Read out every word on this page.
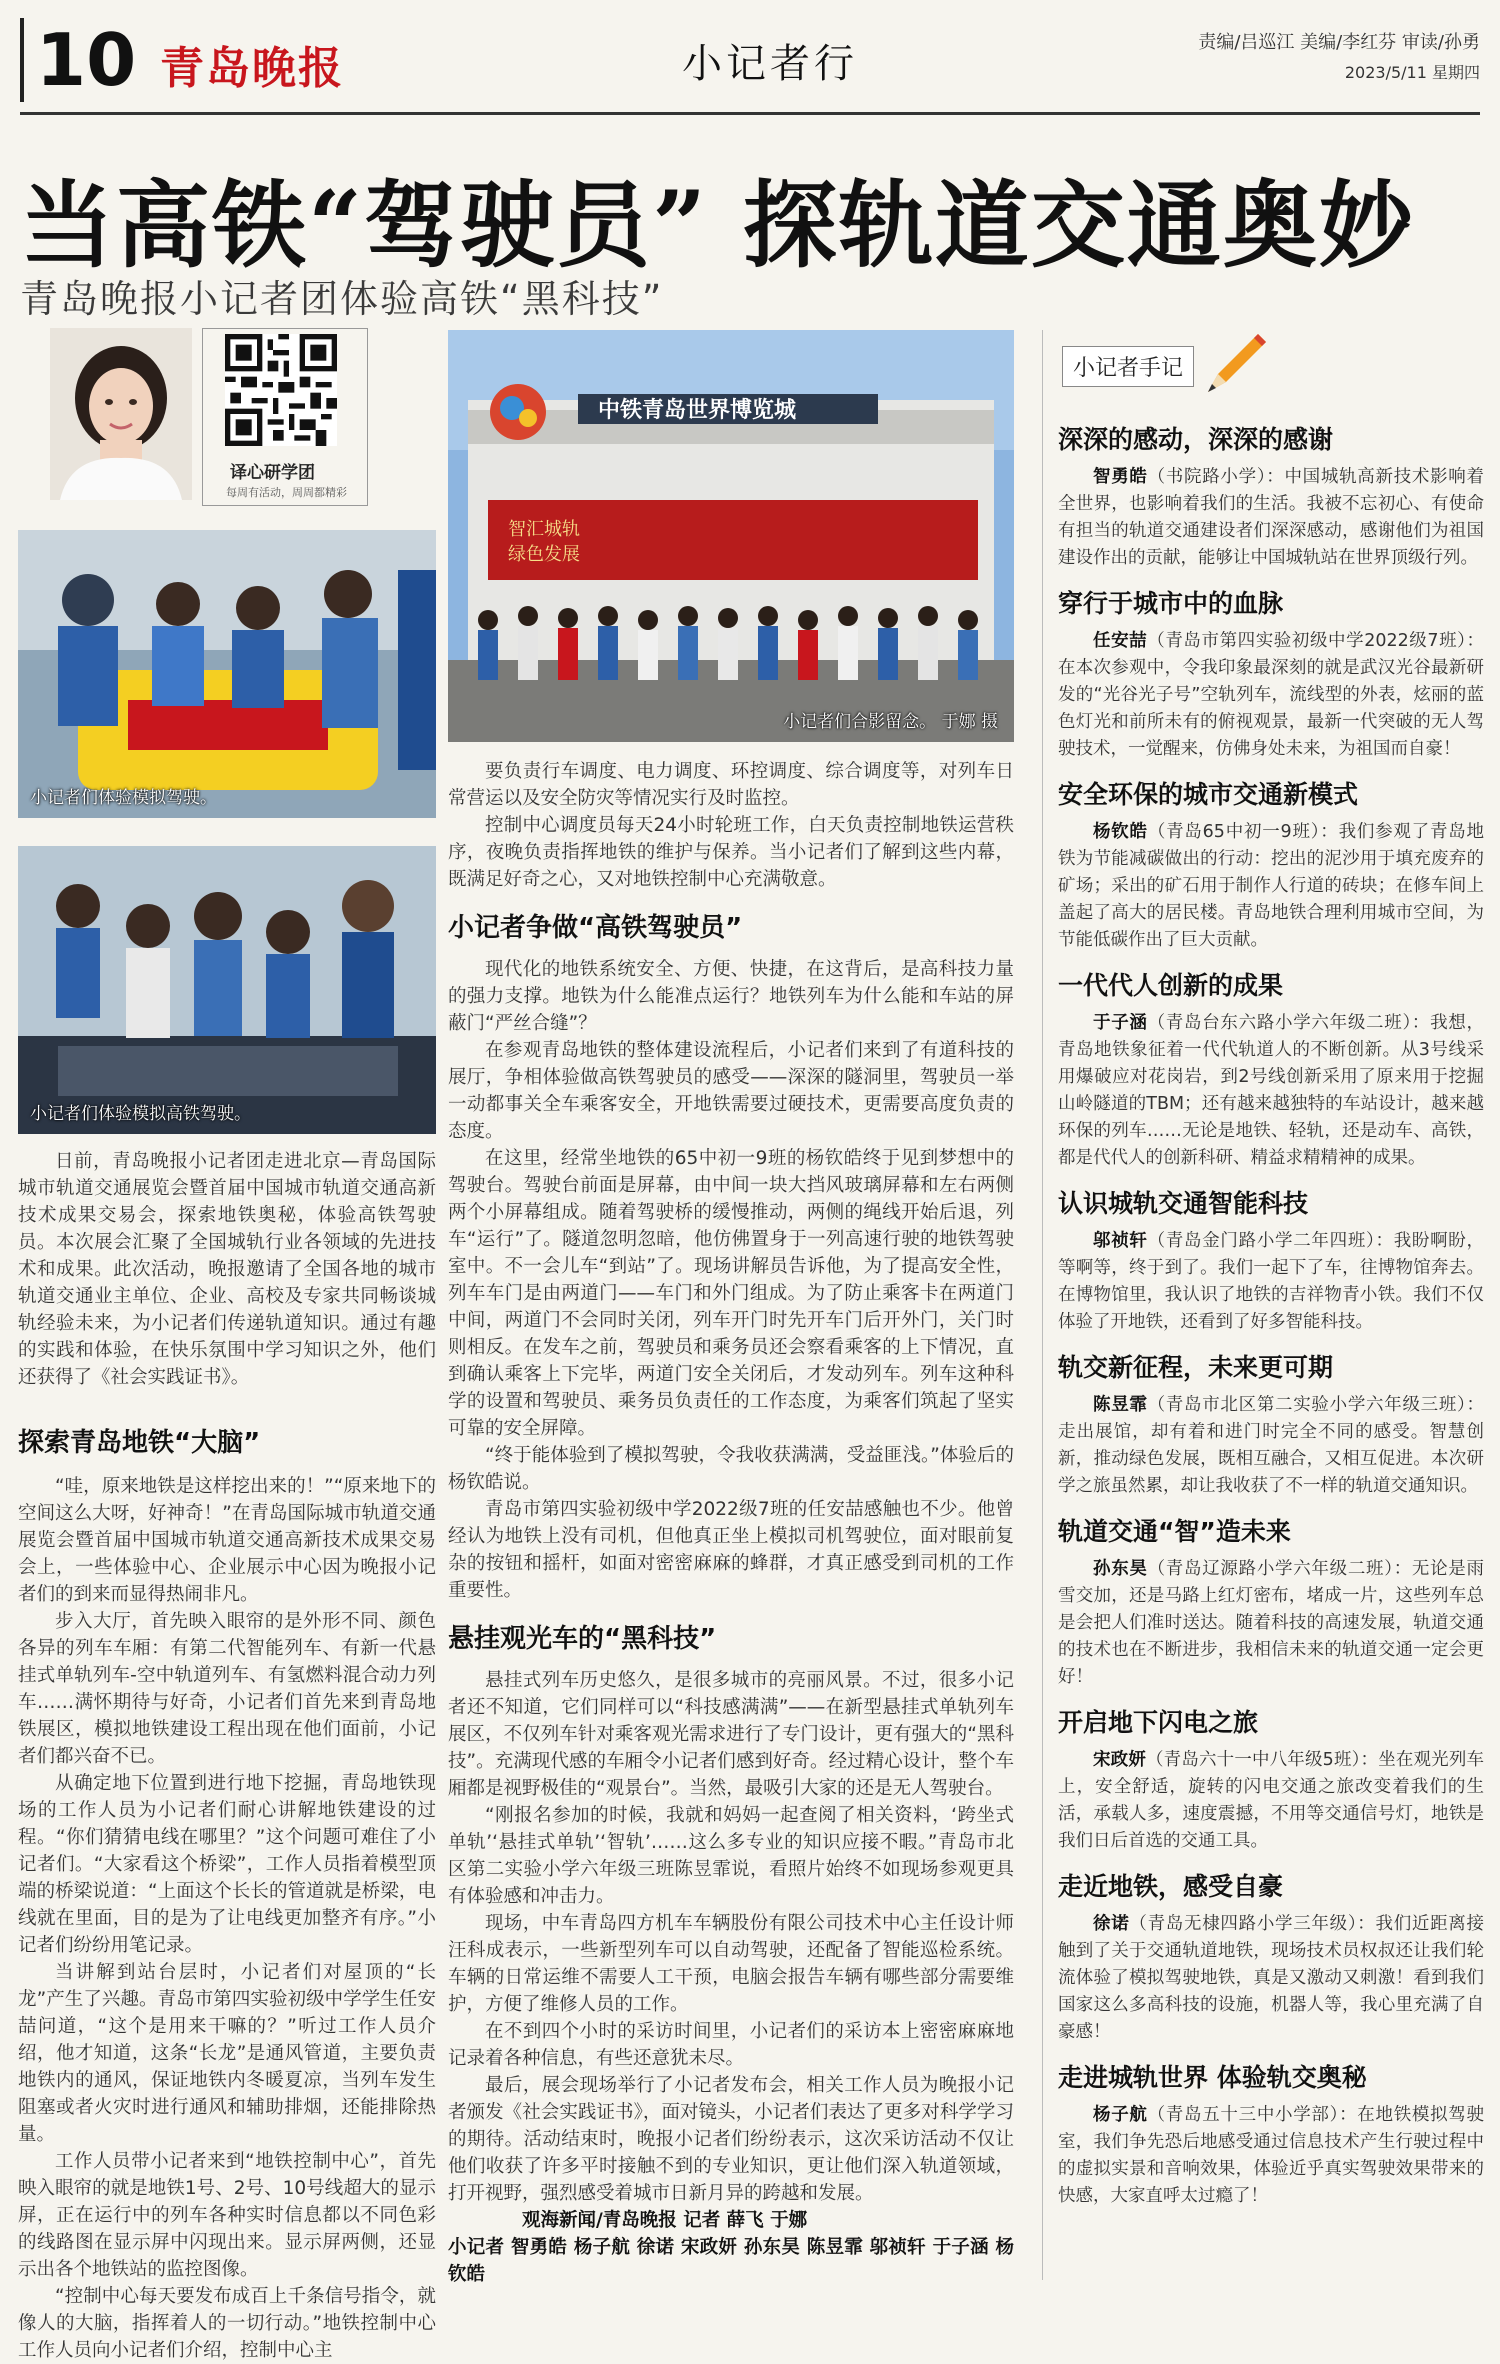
10 青岛晚报	小记者行	责编/吕巡江 美编/李红芬 审读/孙勇
2023/5/11 星期四
当高铁“驾驶员” 探轨道交通奥妙
青岛晚报小记者团体验高铁“黑科技”
译心研学团
每周有活动，周周都精彩
小记者们体验模拟驾驶。
小记者们体验模拟高铁驾驶。

日前，青岛晚报小记者团走进北京—青岛国际城市轨道交通展览会暨首届中国城市轨道交通高新技术成果交易会，探索地铁奥秘，体验高铁驾驶员。本次展会汇聚了全国城轨行业各领域的先进技术和成果。此次活动，晚报邀请了全国各地的城市轨道交通业主单位、企业、高校及专家共同畅谈城轨经验未来，为小记者们传递轨道知识。通过有趣的实践和体验，在快乐氛围中学习知识之外，他们还获得了《社会实践证书》。

探索青岛地铁“大脑”

“哇，原来地铁是这样挖出来的！”“原来地下的空间这么大呀，好神奇！”在青岛国际城市轨道交通展览会暨首届中国城市轨道交通高新技术成果交易会上，一些体验中心、企业展示中心因为晚报小记者们的到来而显得热闹非凡。

步入大厅，首先映入眼帘的是外形不同、颜色各异的列车车厢：有第二代智能列车、有新一代悬挂式单轨列车-空中轨道列车、有氢燃料混合动力列车……满怀期待与好奇，小记者们首先来到青岛地铁展区，模拟地铁建设工程出现在他们面前，小记者们都兴奋不已。

从确定地下位置到进行地下挖掘，青岛地铁现场的工作人员为小记者们耐心讲解地铁建设的过程。“你们猜猜电线在哪里？”这个问题可难住了小记者们。“大家看这个桥梁”，工作人员指着模型顶端的桥梁说道：“上面这个长长的管道就是桥梁，电线就在里面，目的是为了让电线更加整齐有序。”小记者们纷纷用笔记录。

当讲解到站台层时，小记者们对屋顶的“长龙”产生了兴趣。青岛市第四实验初级中学学生任安喆问道，“这个是用来干嘛的？”听过工作人员介绍，他才知道，这条“长龙”是通风管道，主要负责地铁内的通风，保证地铁内冬暖夏凉，当列车发生阻塞或者火灾时进行通风和辅助排烟，还能排除热量。

工作人员带小记者来到“地铁控制中心”，首先映入眼帘的就是地铁1号、2号、10号线超大的显示屏，正在运行中的列车各种实时信息都以不同色彩的线路图在显示屏中闪现出来。显示屏两侧，还显示出各个地铁站的监控图像。

“控制中心每天要发布成百上千条信号指令，就像人的大脑，指挥着人的一切行动。”地铁控制中心工作人员向小记者们介绍，控制中心主

中铁青岛世界博览城
智汇城轨
绿色发展
小记者们合影留念。 于娜 摄

要负责行车调度、电力调度、环控调度、综合调度等，对列车日常营运以及安全防灾等情况实行及时监控。

控制中心调度员每天24小时轮班工作，白天负责控制地铁运营秩序，夜晚负责指挥地铁的维护与保养。当小记者们了解到这些内幕，既满足好奇之心，又对地铁控制中心充满敬意。

小记者争做“高铁驾驶员”

现代化的地铁系统安全、方便、快捷，在这背后，是高科技力量的强力支撑。地铁为什么能准点运行？地铁列车为什么能和车站的屏蔽门“严丝合缝”？

在参观青岛地铁的整体建设流程后，小记者们来到了有道科技的展厅，争相体验做高铁驾驶员的感受——深深的隧洞里，驾驶员一举一动都事关全车乘客安全，开地铁需要过硬技术，更需要高度负责的态度。

在这里，经常坐地铁的65中初一9班的杨钦皓终于见到梦想中的驾驶台。驾驶台前面是屏幕，由中间一块大挡风玻璃屏幕和左右两侧两个小屏幕组成。随着驾驶桥的缓慢推动，两侧的绳线开始后退，列车“运行”了。隧道忽明忽暗，他仿佛置身于一列高速行驶的地铁驾驶室中。不一会儿车“到站”了。现场讲解员告诉他，为了提高安全性，列车车门是由两道门——车门和外门组成。为了防止乘客卡在两道门中间，两道门不会同时关闭，列车开门时先开车门后开外门，关门时则相反。在发车之前，驾驶员和乘务员还会察看乘客的上下情况，直到确认乘客上下完毕，两道门安全关闭后，才发动列车。列车这种科学的设置和驾驶员、乘务员负责任的工作态度，为乘客们筑起了坚实可靠的安全屏障。

“终于能体验到了模拟驾驶，令我收获满满，受益匪浅。”体验后的杨钦皓说。

青岛市第四实验初级中学2022级7班的任安喆感触也不少。他曾经认为地铁上没有司机，但他真正坐上模拟司机驾驶位，面对眼前复杂的按钮和摇杆，如面对密密麻麻的蜂群，才真正感受到司机的工作重要性。

悬挂观光车的“黑科技”

悬挂式列车历史悠久，是很多城市的亮丽风景。不过，很多小记者还不知道，它们同样可以“科技感满满”——在新型悬挂式单轨列车展区，不仅列车针对乘客观光需求进行了专门设计，更有强大的“黑科技”。充满现代感的车厢令小记者们感到好奇。经过精心设计，整个车厢都是视野极佳的“观景台”。当然，最吸引大家的还是无人驾驶台。

“刚报名参加的时候，我就和妈妈一起查阅了相关资料，‘跨坐式单轨’‘悬挂式单轨’‘智轨’……这么多专业的知识应接不暇。”青岛市北区第二实验小学六年级三班陈昱霏说，看照片始终不如现场参观更具有体验感和冲击力。

现场，中车青岛四方机车车辆股份有限公司技术中心主任设计师汪科成表示，一些新型列车可以自动驾驶，还配备了智能巡检系统。车辆的日常运维不需要人工干预，电脑会报告车辆有哪些部分需要维护，方便了维修人员的工作。

在不到四个小时的采访时间里，小记者们的采访本上密密麻麻地记录着各种信息，有些还意犹未尽。

最后，展会现场举行了小记者发布会，相关工作人员为晚报小记者颁发《社会实践证书》，面对镜头，小记者们表达了更多对科学学习的期待。活动结束时，晚报小记者们纷纷表示，这次采访活动不仅让他们收获了许多平时接触不到的专业知识，更让他们深入轨道领域，打开视野，强烈感受着城市日新月异的跨越和发展。

观海新闻/青岛晚报 记者 薛飞 于娜

小记者 智勇皓 杨子航 徐诺 宋政妍 孙东昊 陈昱霏 邬祯轩 于子涵 杨钦皓

小记者手记
深深的感动，深深的感谢

智勇皓（书院路小学）：中国城轨高新技术影响着全世界，也影响着我们的生活。我被不忘初心、有使命有担当的轨道交通建设者们深深感动，感谢他们为祖国建设作出的贡献，能够让中国城轨站在世界顶级行列。

穿行于城市中的血脉

任安喆（青岛市第四实验初级中学2022级7班）：在本次参观中，令我印象最深刻的就是武汉光谷最新研发的“光谷光子号”空轨列车，流线型的外表，炫丽的蓝色灯光和前所未有的俯视观景，最新一代突破的无人驾驶技术，一觉醒来，仿佛身处未来，为祖国而自豪！

安全环保的城市交通新模式

杨钦皓（青岛65中初一9班）：我们参观了青岛地铁为节能减碳做出的行动：挖出的泥沙用于填充废弃的矿场；采出的矿石用于制作人行道的砖块；在修车间上盖起了高大的居民楼。青岛地铁合理利用城市空间，为节能低碳作出了巨大贡献。

一代代人创新的成果

于子涵（青岛台东六路小学六年级二班）：我想，青岛地铁象征着一代代轨道人的不断创新。从3号线采用爆破应对花岗岩，到2号线创新采用了原来用于挖掘山岭隧道的TBM；还有越来越独特的车站设计，越来越环保的列车……无论是地铁、轻轨，还是动车、高铁，都是代代人的创新科研、精益求精精神的成果。

认识城轨交通智能科技

邬祯轩（青岛金门路小学二年四班）：我盼啊盼，等啊等，终于到了。我们一起下了车，往博物馆奔去。在博物馆里，我认识了地铁的吉祥物青小铁。我们不仅体验了开地铁，还看到了好多智能科技。

轨交新征程，未来更可期

陈昱霏（青岛市北区第二实验小学六年级三班）：走出展馆，却有着和进门时完全不同的感受。智慧创新，推动绿色发展，既相互融合，又相互促进。本次研学之旅虽然累，却让我收获了不一样的轨道交通知识。

轨道交通“智”造未来

孙东昊（青岛辽源路小学六年级二班）：无论是雨雪交加，还是马路上红灯密布，堵成一片，这些列车总是会把人们准时送达。随着科技的高速发展，轨道交通的技术也在不断进步，我相信未来的轨道交通一定会更好！

开启地下闪电之旅

宋政妍（青岛六十一中八年级5班）：坐在观光列车上，安全舒适，旋转的闪电交通之旅改变着我们的生活，承载人多，速度震撼，不用等交通信号灯，地铁是我们日后首选的交通工具。

走近地铁，感受自豪

徐诺（青岛无棣四路小学三年级）：我们近距离接触到了关于交通轨道地铁，现场技术员权叔还让我们轮流体验了模拟驾驶地铁，真是又激动又刺激！看到我们国家这么多高科技的设施，机器人等，我心里充满了自豪感！

走进城轨世界 体验轨交奥秘

杨子航（青岛五十三中小学部）：在地铁模拟驾驶室，我们争先恐后地感受通过信息技术产生行驶过程中的虚拟实景和音响效果，体验近乎真实驾驶效果带来的快感，大家直呼太过瘾了！
